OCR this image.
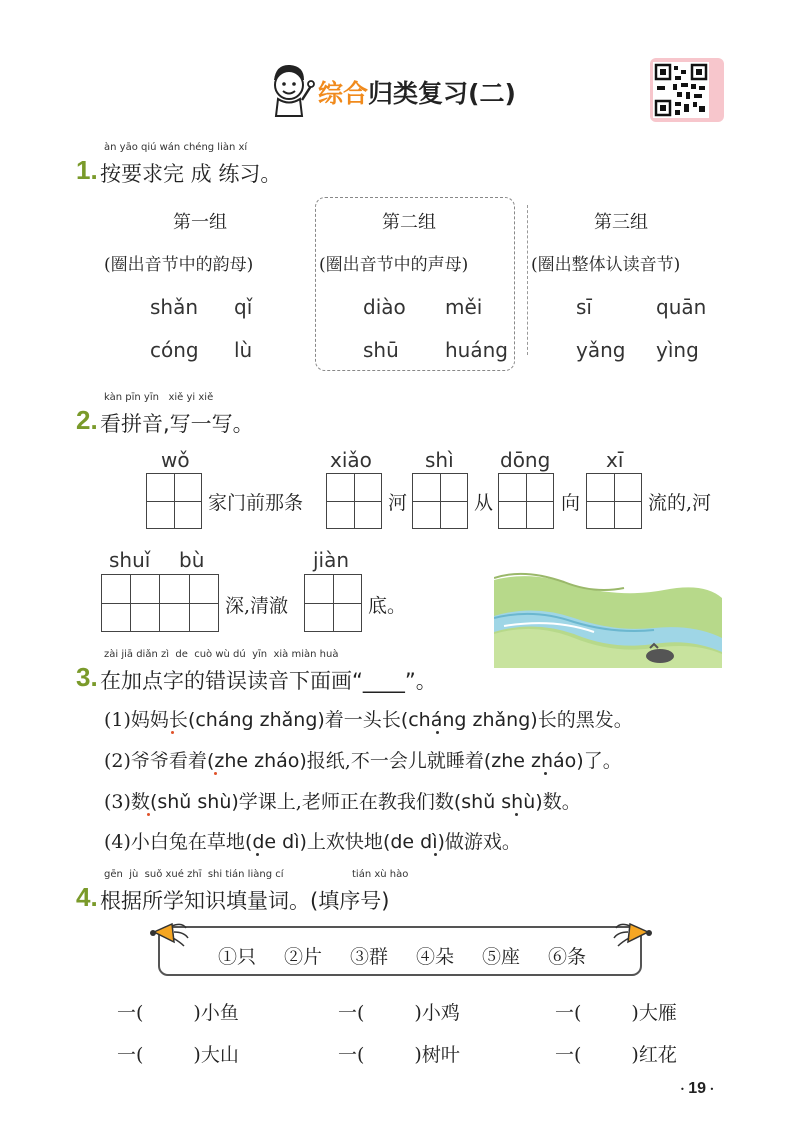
综合归类复习(二)
àn yāo qiú wán chéng liàn xí
1. 按要求完 成 练习。
第一组
(圈出音节中的韵母)
shǎn qǐ
cóng lù
第二组
(圈出音节中的声母)
diào měi
shū huáng
第三组
(圈出整体认读音节)
sī	quān
yǎng yìng
kàn pīn yīn   xiě yi xiě
2. 看拼音,写一写。
wǒ
家门前那条
xiǎo
河
shì
从
dōng
向
xī
流的,河
shuǐ bù
深,清澈
jiàn
底。
zài jiā diǎn zì  de  cuò wù dú  yīn  xià miàn huà
3. 在加点字的错误读音下面画“____”。
(1)妈妈长(cháng zhǎng)着一头长(cháng zhǎng)长的黑发。
(2)爷爷看着(zhe zháo)报纸,不一会儿就睡着(zhe zháo)了。
(3)数(shǔ shù)学课上,老师正在教我们数(shǔ shù)数。
(4)小白兔在草地(de dì)上欢快地(de dì)做游戏。
gēn  jù  suǒ xué zhī  shi tián liàng cí	tián xù hào
4. 根据所学知识填量词。(填序号)
①只 ②片 ③群 ④朵 ⑤座 ⑥条
一(	)小鱼	一(	)小鸡	一(	)大雁
一(	)大山	一(	)树叶	一(	)红花
• 19 •
